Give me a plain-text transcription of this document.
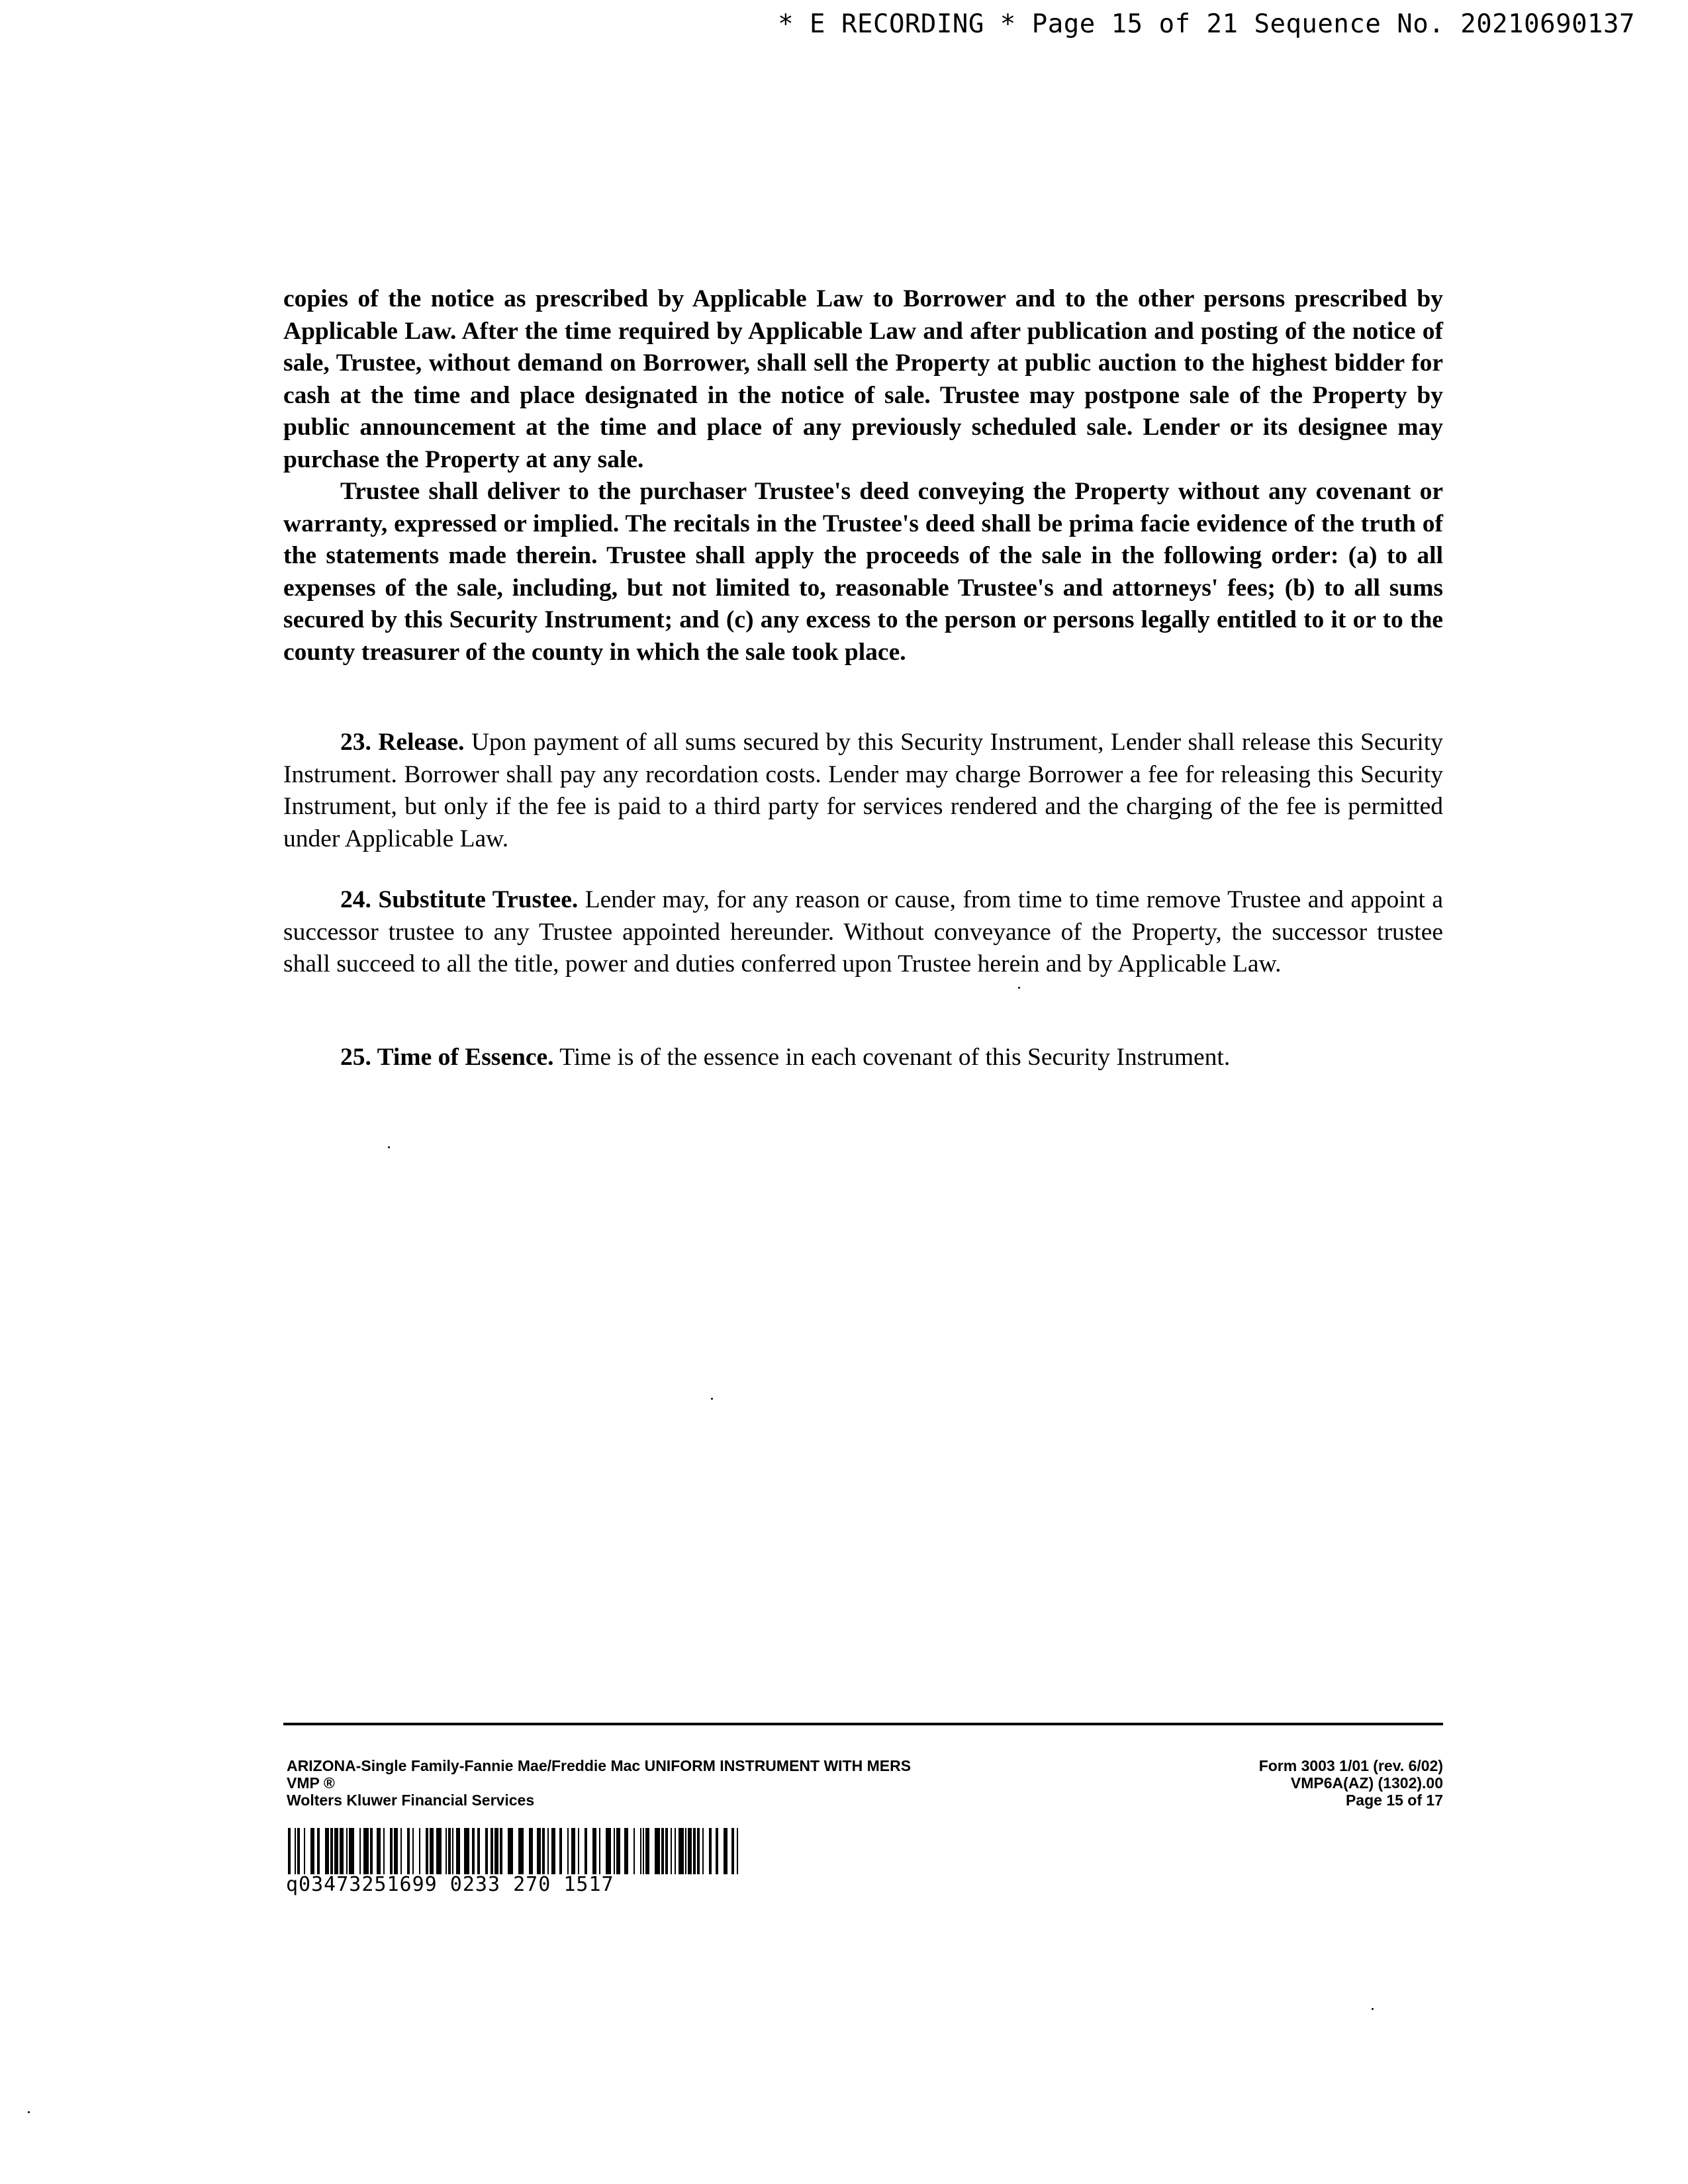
* E RECORDING * Page 15 of 21 Sequence No. 20210690137

copies of the notice as prescribed by Applicable Law to Borrower and to the other persons prescribed by Applicable Law. After the time required by Applicable Law and after publication and posting of the notice of sale, Trustee, without demand on Borrower, shall sell the Property at public auction to the highest bidder for cash at the time and place designated in the notice of sale. Trustee may postpone sale of the Property by public announcement at the time and place of any previously scheduled sale. Lender or its designee may purchase the Property at any sale.

Trustee shall deliver to the purchaser Trustee's deed conveying the Property without any covenant or warranty, expressed or implied. The recitals in the Trustee's deed shall be prima facie evidence of the truth of the statements made therein. Trustee shall apply the proceeds of the sale in the following order: (a) to all expenses of the sale, including, but not limited to, reasonable Trustee's and attorneys' fees; (b) to all sums secured by this Security Instrument; and (c) any excess to the person or persons legally entitled to it or to the county treasurer of the county in which the sale took place.

23. Release. Upon payment of all sums secured by this Security Instrument, Lender shall release this Security Instrument. Borrower shall pay any recordation costs. Lender may charge Borrower a fee for releasing this Security Instrument, but only if the fee is paid to a third party for services rendered and the charging of the fee is permitted under Applicable Law.

24. Substitute Trustee. Lender may, for any reason or cause, from time to time remove Trustee and appoint a successor trustee to any Trustee appointed hereunder. Without conveyance of the Property, the successor trustee shall succeed to all the title, power and duties conferred upon Trustee herein and by Applicable Law.

25. Time of Essence. Time is of the essence in each covenant of this Security Instrument.

ARIZONA-Single Family-Fannie Mae/Freddie Mac UNIFORM INSTRUMENT WITH MERS
VMP ®
Wolters Kluwer Financial Services
Form 3003 1/01 (rev. 6/02)
VMP6A(AZ) (1302).00
Page 15 of 17
q03473251699 0233 270 1517
